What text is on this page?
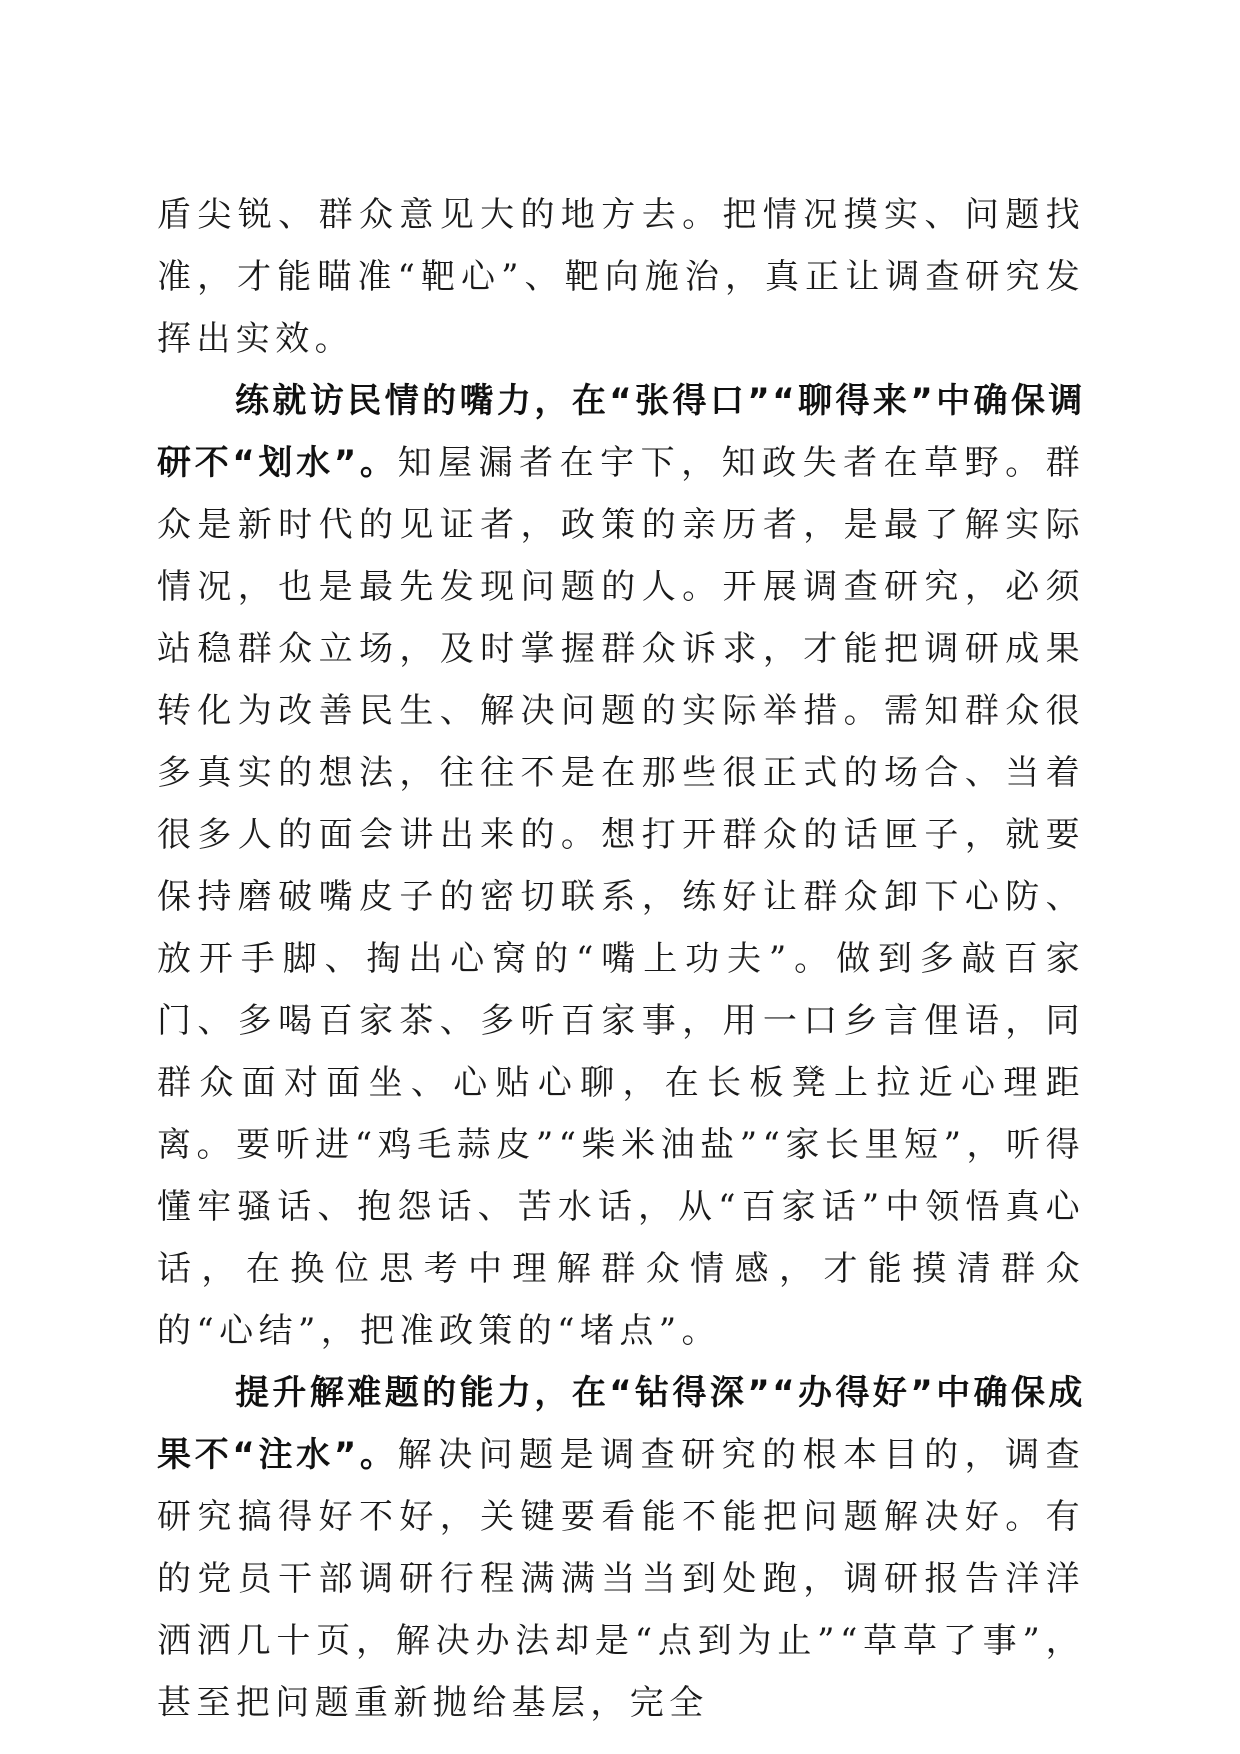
盾尖锐、群众意见大的地方去。把情况摸实、问题找准，才能瞄准“靶心”、靶向施治，真正让调查研究发挥出实效。

练就访民情的嘴力，在“张得口”“聊得来”中确保调研不“划水”。知屋漏者在宇下，知政失者在草野。群众是新时代的见证者，政策的亲历者，是最了解实际情况，也是最先发现问题的人。开展调查研究，必须站稳群众立场，及时掌握群众诉求，才能把调研成果转化为改善民生、解决问题的实际举措。需知群众很多真实的想法，往往不是在那些很正式的场合、当着很多人的面会讲出来的。想打开群众的话匣子，就要保持磨破嘴皮子的密切联系，练好让群众卸下心防、放开手脚、掏出心窝的“嘴上功夫”。做到多敲百家门、多喝百家茶、多听百家事，用一口乡言俚语，同群众面对面坐、心贴心聊，在长板凳上拉近心理距离。要听进“鸡毛蒜皮”“柴米油盐”“家长里短”，听得懂牢骚话、抱怨话、苦水话，从“百家话”中领悟真心话，在换位思考中理解群众情感，才能摸清群众的“心结”，把准政策的“堵点”。

提升解难题的能力，在“钻得深”“办得好”中确保成果不“注水”。解决问题是调查研究的根本目的，调查研究搞得好不好，关键要看能不能把问题解决好。有的党员干部调研行程满满当当到处跑，调研报告洋洋洒洒几十页，解决办法却是“点到为止”“草草了事”，甚至把问题重新抛给基层，完全
